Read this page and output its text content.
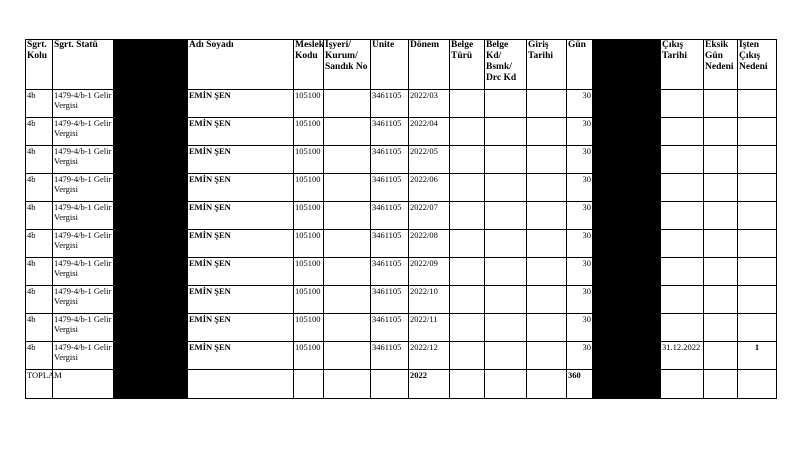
Sgrt. Kolu	Sgrt. Statü		Adı Soyadı	Meslek Kodu	İşyeri/ Kurum/ Sandık No	Ünite	Dönem	Belge Türü	Belge Kd/ Bsmk/ Drc Kd	Giriş Tarihi	Gün		Çıkış Tarihi	Eksik Gün Nedeni	İşten Çıkış Nedeni
4b	1479-4/b-1 Gelir Vergisi		EMİN ŞEN	105100		3461105	2022/03				30				
4b	1479-4/b-1 Gelir Vergisi		EMİN ŞEN	105100		3461105	2022/04				30				
4b	1479-4/b-1 Gelir Vergisi		EMİN ŞEN	105100		3461105	2022/05				30				
4b	1479-4/b-1 Gelir Vergisi		EMİN ŞEN	105100		3461105	2022/06				30				
4b	1479-4/b-1 Gelir Vergisi		EMİN ŞEN	105100		3461105	2022/07				30				
4b	1479-4/b-1 Gelir Vergisi		EMİN ŞEN	105100		3461105	2022/08				30				
4b	1479-4/b-1 Gelir Vergisi		EMİN ŞEN	105100		3461105	2022/09				30				
4b	1479-4/b-1 Gelir Vergisi		EMİN ŞEN	105100		3461105	2022/10				30				
4b	1479-4/b-1 Gelir Vergisi		EMİN ŞEN	105100		3461105	2022/11				30				
4b	1479-4/b-1 Gelir Vergisi		EMİN ŞEN	105100		3461105	2022/12				30		31.12.2022		1
TOPLAM							2022				360				
